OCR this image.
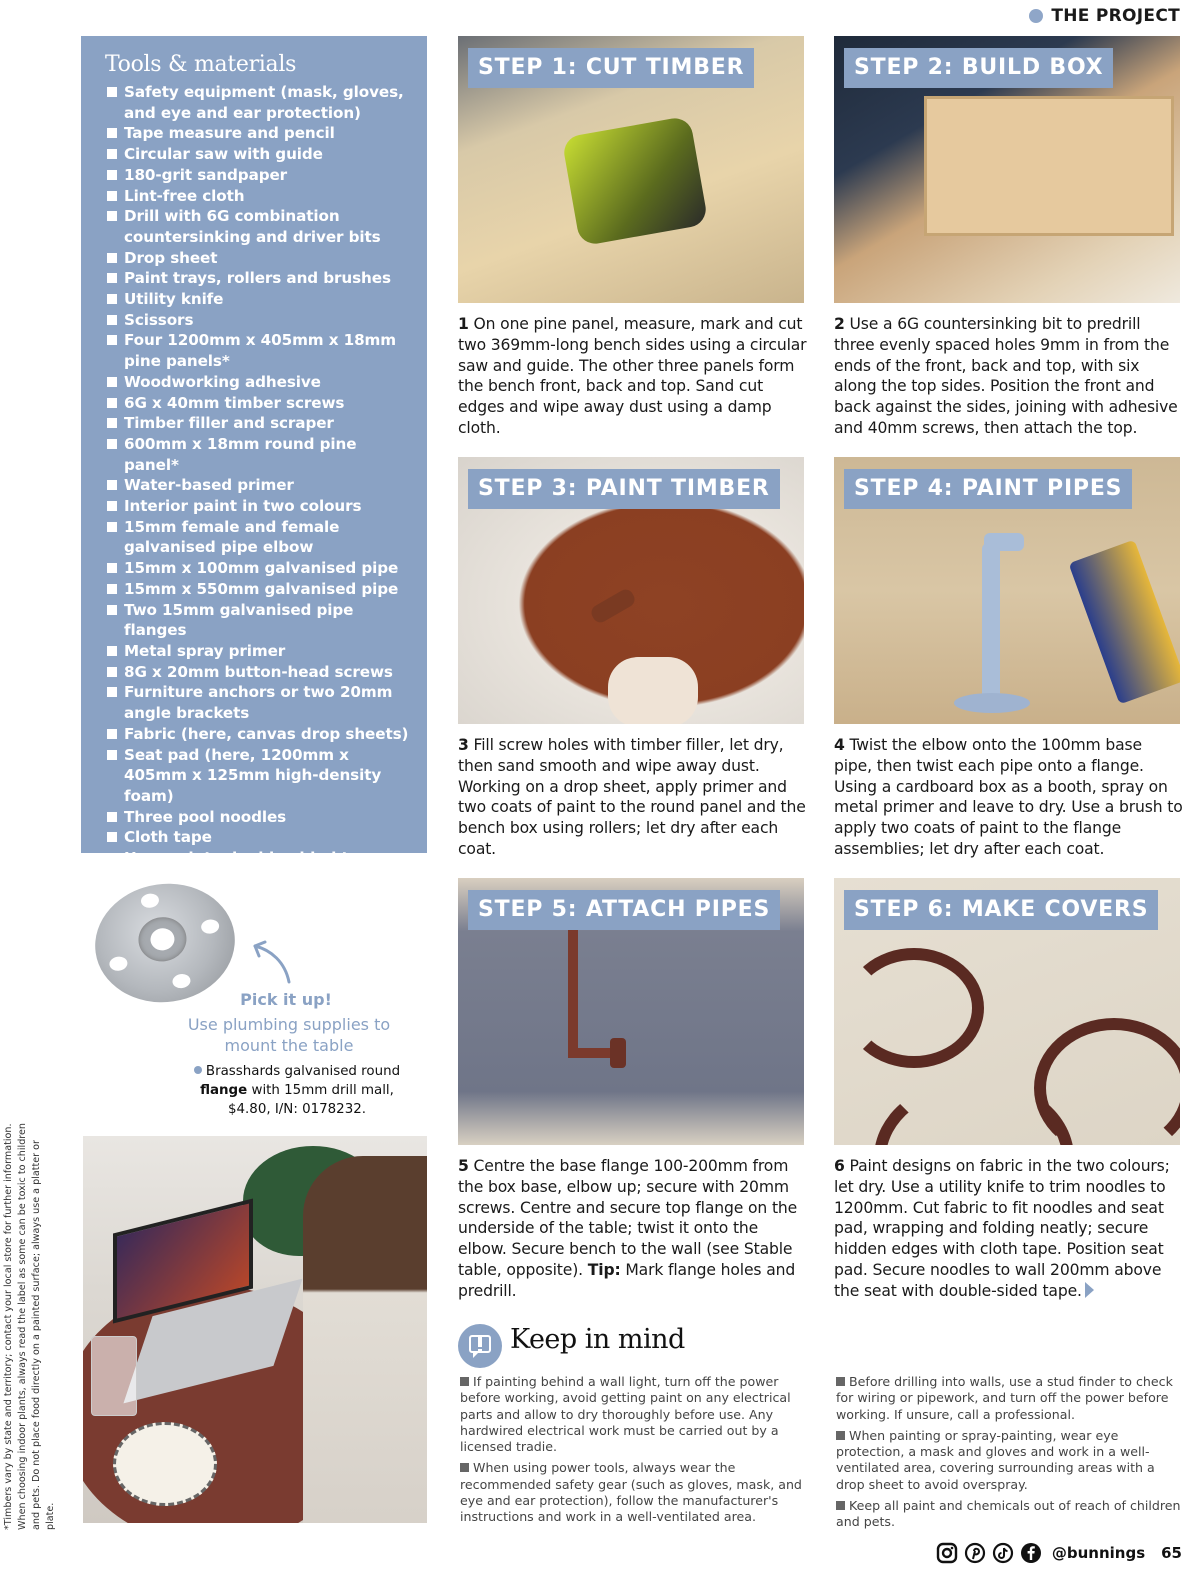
THE PROJECT
*Timbers vary by state and territory; contact your local store for further information. When choosing indoor plants, always read the label as some can be toxic to children and pets. Do not place food directly on a painted surface; always use a platter or plate.
Tools & materials
Safety equipment (mask, gloves, and eye and ear protection)
Tape measure and pencil
Circular saw with guide
180-grit sandpaper
Lint-free cloth
Drill with 6G combination countersinking and driver bits
Drop sheet
Paint trays, rollers and brushes
Utility knife
Scissors
Four 1200mm x 405mm x 18mm pine panels*
Woodworking adhesive
6G x 40mm timber screws
Timber filler and scraper
600mm x 18mm round pine panel*
Water-based primer
Interior paint in two colours
15mm female and female galvanised pipe elbow
15mm x 100mm galvanised pipe
15mm x 550mm galvanised pipe
Two 15mm galvanised pipe flanges
Metal spray primer
8G x 20mm button-head screws
Furniture anchors or two 20mm angle brackets
Fabric (here, canvas drop sheets)
Seat pad (here, 1200mm x 405mm x 125mm high-density foam)
Three pool noodles
Cloth tape
Heavy-duty double-sided tape
Pick it up!
Use plumbing supplies to mount the table
Brasshards galvanised round
flange with 15mm drill mall, $4.80, I/N: 0178232.
STEP 1: CUT TIMBER	STEP 2: BUILD BOX
STEP 3: PAINT TIMBER	STEP 4: PAINT PIPES
STEP 5: ATTACH PIPES	STEP 6: MAKE COVERS
1 On one pine panel, measure, mark and cut two 369mm-long bench sides using a circular saw and guide. The other three panels form the bench front, back and top. Sand cut edges and wipe away dust using a damp cloth.
2 Use a 6G countersinking bit to predrill three evenly spaced holes 9mm in from the ends of the front, back and top, with six along the top sides. Position the front and back against the sides, joining with adhesive and 40mm screws, then attach the top.
3 Fill screw holes with timber filler, let dry, then sand smooth and wipe away dust. Working on a drop sheet, apply primer and two coats of paint to the round panel and the bench box using rollers; let dry after each coat.
4 Twist the elbow onto the 100mm base pipe, then twist each pipe onto a flange. Using a cardboard box as a booth, spray on metal primer and leave to dry. Use a brush to apply two coats of paint to the flange assemblies; let dry after each coat.
5 Centre the base flange 100-200mm from the box base, elbow up; secure with 20mm screws. Centre and secure top flange on the underside of the table; twist it onto the elbow. Secure bench to the wall (see Stable table, opposite). Tip: Mark flange holes and predrill.
6 Paint designs on fabric in the two colours; let dry. Use a utility knife to trim noodles to 1200mm. Cut fabric to fit noodles and seat pad, wrapping and folding neatly; secure hidden edges with cloth tape. Position seat pad. Secure noodles to wall 200mm above the seat with double-sided tape.
Keep in mind

If painting behind a wall light, turn off the power before working, avoid getting paint on any electrical parts and allow to dry thoroughly before use. Any hardwired electrical work must be carried out by a licensed tradie.

When using power tools, always wear the recommended safety gear (such as gloves, mask, and eye and ear protection), follow the manufacturer's instructions and work in a well-ventilated area.

Before drilling into walls, use a stud finder to check for wiring or pipework, and turn off the power before working. If unsure, call a professional.

When painting or spray-painting, wear eye protection, a mask and gloves and work in a well-ventilated area, covering surrounding areas with a drop sheet to avoid overspray.

Keep all paint and chemicals out of reach of children and pets.

@bunnings 65
